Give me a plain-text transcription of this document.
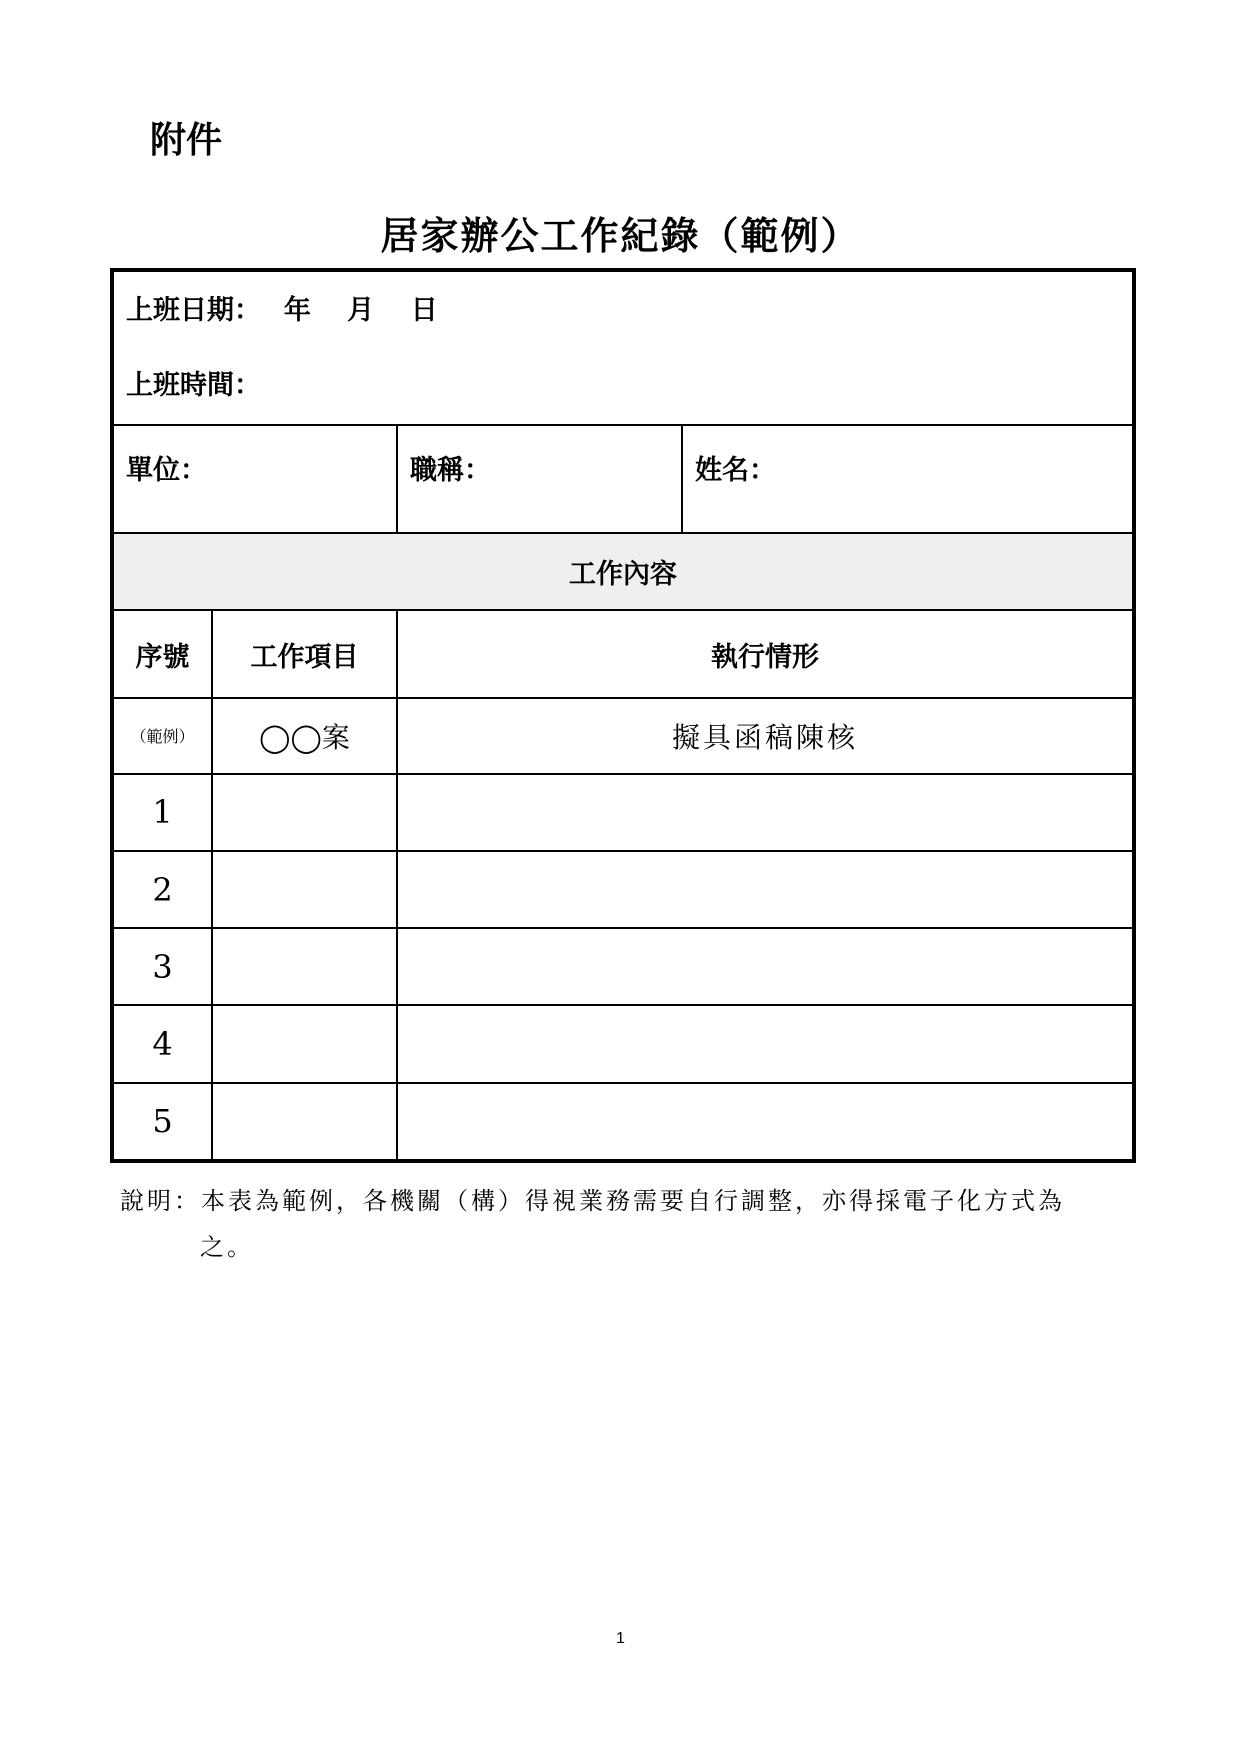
附件
居家辦公工作紀錄（範例）
上班日期：　 年　 月　 日
上班時間：			

單位：		職稱：	姓名：

工作內容			
序號	工作項目	執行情形	
（範例）	◯◯案	擬具函稿陳核	
1			
2			
3			
4			
5			
說明：本表為範例，各機關（構）得視業務需要自行調整，亦得採電子化方式為
之。
1
